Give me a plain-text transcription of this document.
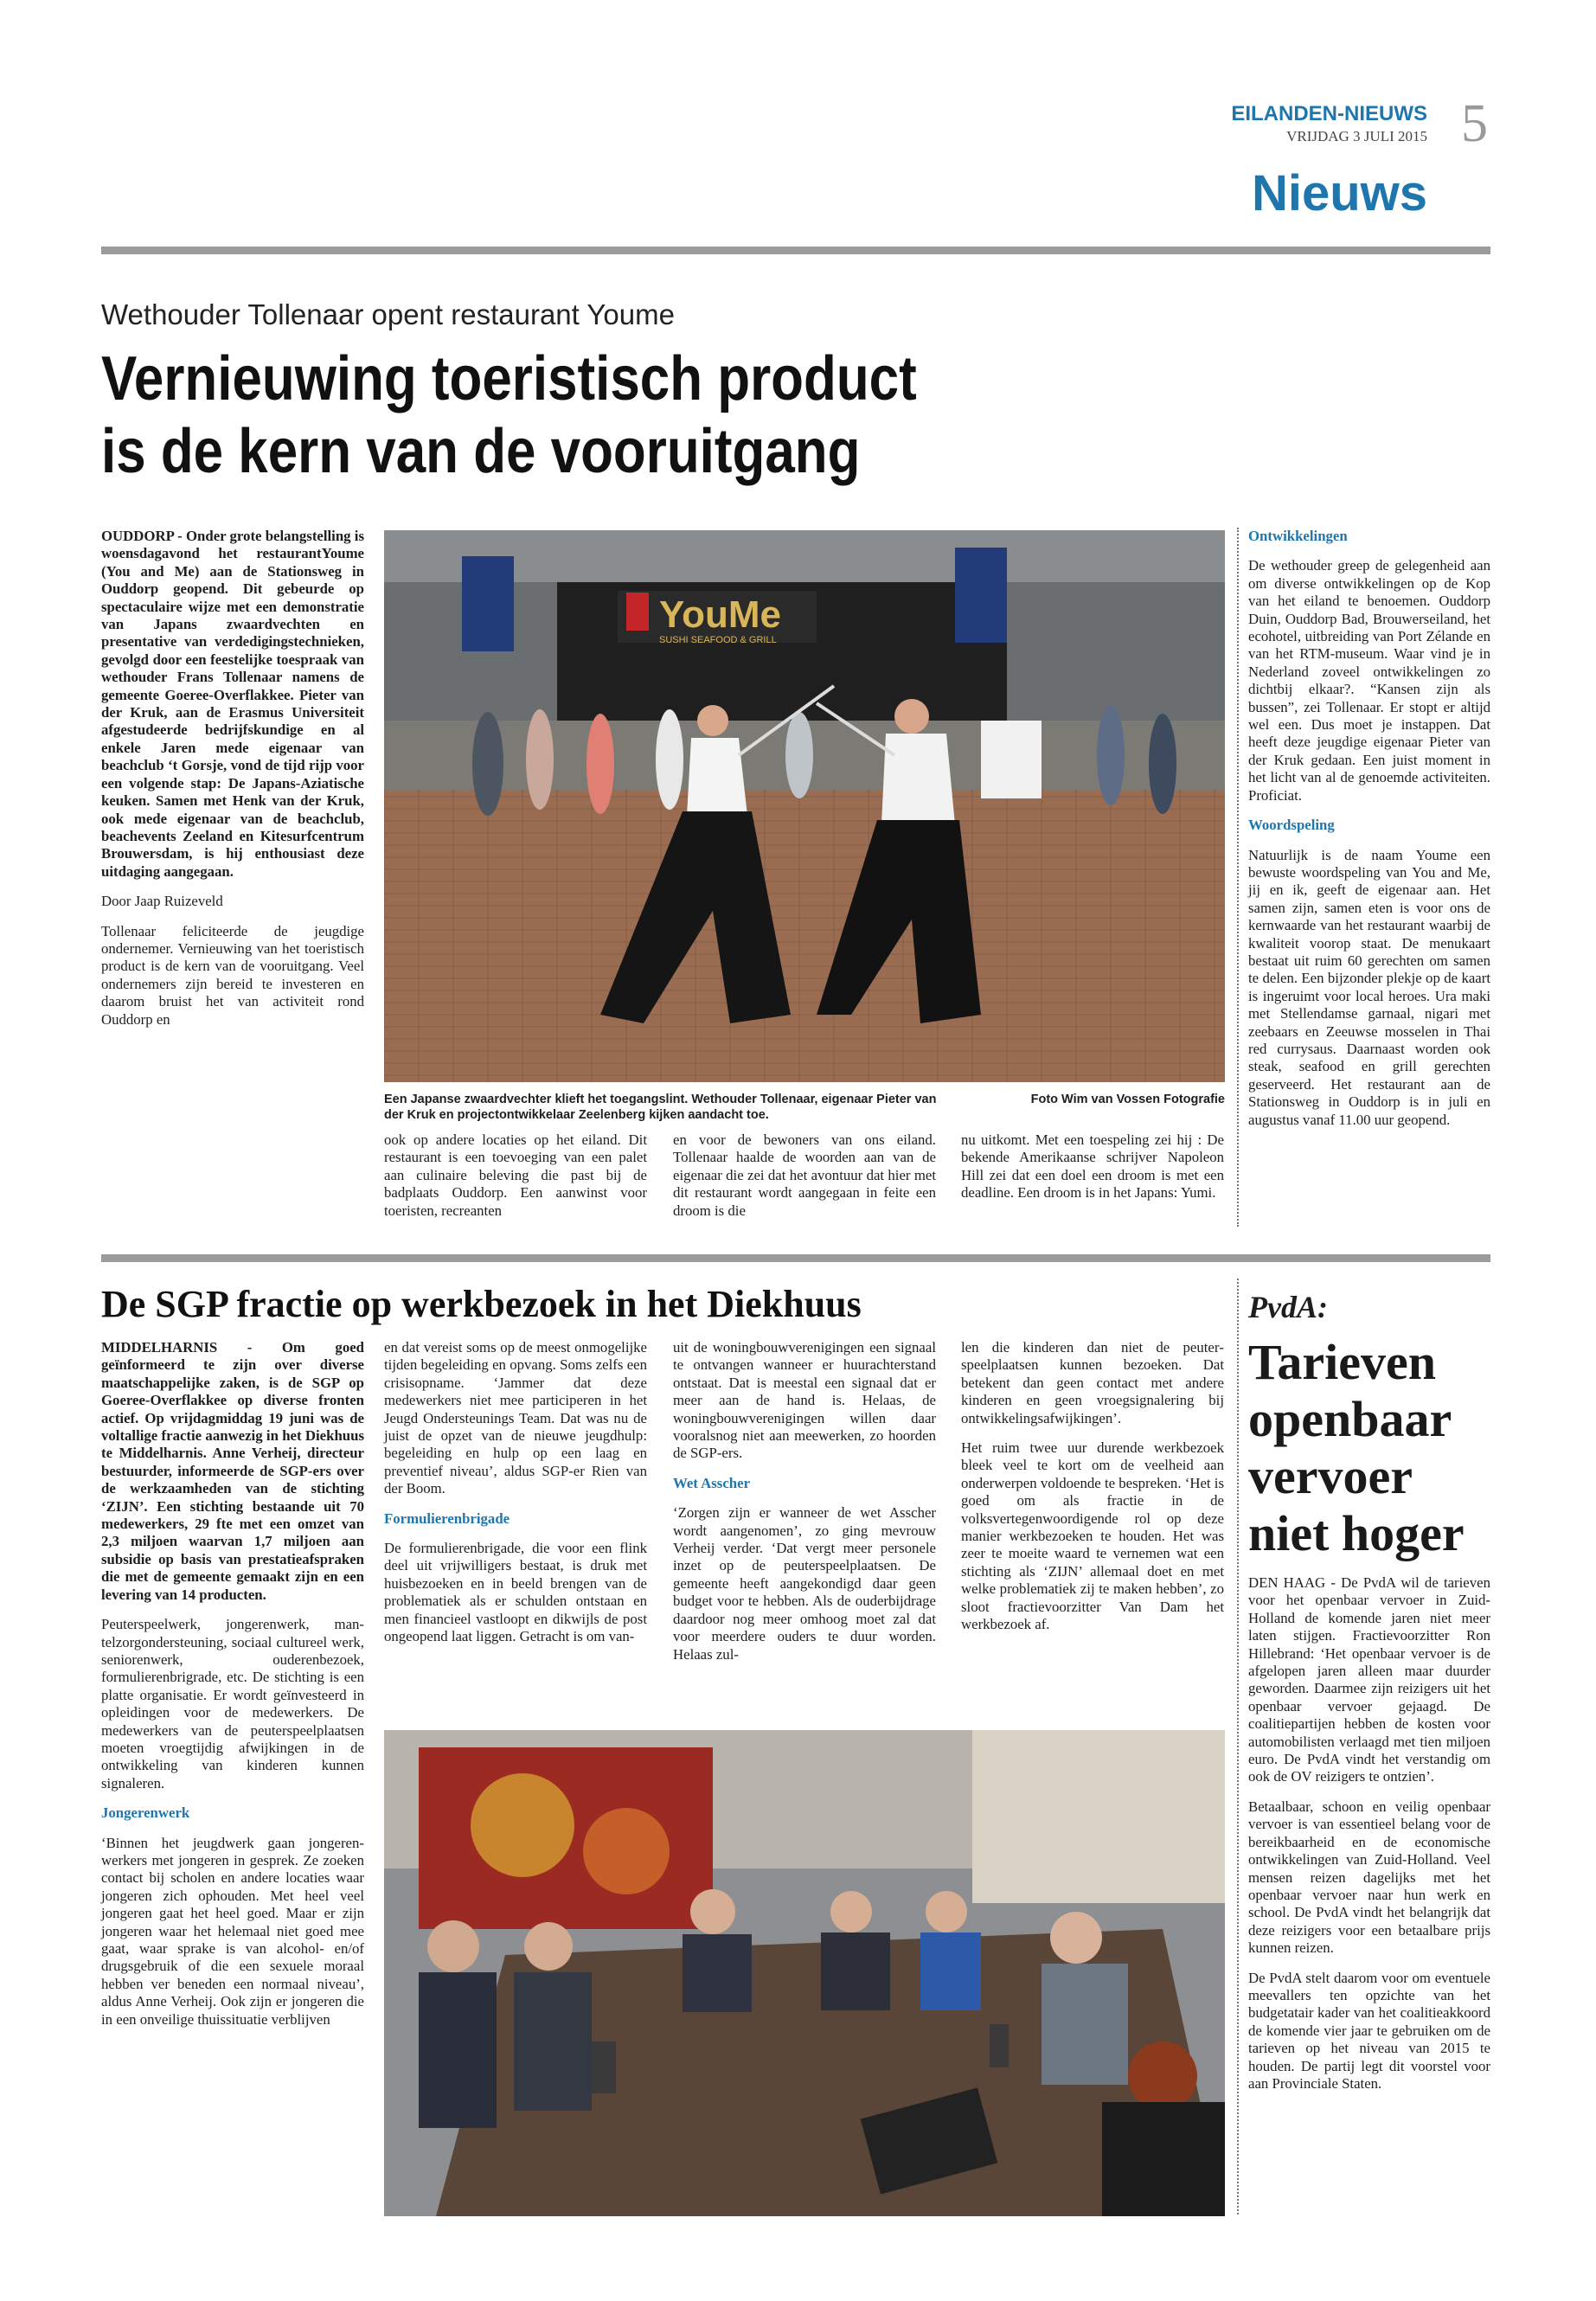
EILANDEN-NIEUWS
VRIJDAG 3 JULI 2015 5
Nieuws
Wethouder Tollenaar opent restaurant Youme
Vernieuwing toeristisch product
is de kern van de vooruitgang

OUDDORP - Onder grote belangstelling is woensdagavond het restaurantYoume (You and Me) aan de Stationsweg in Ouddorp geopend. Dit gebeurde op spectaculaire wijze met een demonstratie van Japans zwaardvechten en presentative van verdedigingstechnieken, gevolgd door een feestelijke toespraak van wethouder Frans Tollenaar namens de gemeente Goeree-Overflakkee. Pieter van der Kruk, aan de Erasmus Universiteit afgestudeerde bedrijfskundige en al enkele Jaren mede eigenaar van beachclub ‘t Gorsje, vond de tijd rijp voor een volgende stap: De Japans-Aziatische keuken. Samen met Henk van der Kruk, ook mede eigenaar van de beachclub, beachevents Zeeland en Kitesurfcentrum Brouwersdam, is hij enthousiast deze uitdaging aangegaan.

Door Jaap Ruizeveld

Tollenaar feliciteerde de jeugdige ondernemer. Vernieuwing van het toeristisch product is de kern van de vooruitgang. Veel ondernemers zijn bereid te investeren en daarom bruist het van activiteit rond Ouddorp en

YouMe
SUSHI SEAFOOD & GRILL
Een Japanse zwaardvechter klieft het toegangslint. Wethouder Tollenaar, eigenaar Pieter van der Kruk en projectontwikkelaar Zeelenberg kijken aandacht toe.
Foto Wim van Vossen Fotografie

ook op andere locaties op het eiland. Dit restaurant is een toevoeging van een palet aan culinaire beleving die past bij de badplaats Ouddorp. Een aanwinst voor toeristen, recreanten

en voor de bewoners van ons eiland. Tollenaar haalde de woorden aan van de eigenaar die zei dat het avontuur dat hier met dit restaurant wordt aangegaan in feite een droom is die

nu uitkomt. Met een toespeling zei hij : De bekende Amerikaanse schrijver Napoleon Hill zei dat een doel een droom is met een deadline. Een droom is in het Japans: Yumi.

Ontwikkelingen

De wethouder greep de gelegenheid aan om diverse ontwikkelingen op de Kop van het eiland te benoemen. Ouddorp Duin, Ouddorp Bad, Brouwerseiland, het ecohotel, uitbreiding van Port Zélande en van het RTM-museum. Waar vind je in Nederland zoveel ontwikkelingen zo dichtbij elkaar?. “Kansen zijn als bussen”, zei Tollenaar. Er stopt er altijd wel een. Dus moet je instappen. Dat heeft deze jeugdige eigenaar Pieter van der Kruk gedaan. Een juist moment in het licht van al de genoemde activiteiten. Proficiat.

Woordspeling

Natuurlijk is de naam Youme een bewuste woordspeling van You and Me, jij en ik, geeft de eigenaar aan. Het samen zijn, samen eten is voor ons de kernwaarde van het restaurant waarbij de kwaliteit voorop staat. De menukaart bestaat uit ruim 60 gerechten om samen te delen. Een bijzonder plekje op de kaart is ingeruimt voor local heroes. Ura maki met Stellendamse garnaal, nigari met zeebaars en Zeeuwse mosselen in Thai red currysaus. Daarnaast worden ook steak, seafood en grill gerechten geserveerd. Het restaurant aan de Stationsweg in Ouddorp is in juli en augustus vanaf 11.00 uur geopend.

De SGP fractie op werkbezoek in het Diekhuus

MIDDELHARNIS - Om goed geïnformeerd te zijn over diverse maatschappelijke zaken, is de SGP op Goeree-Overflakkee op diverse fronten actief. Op vrijdagmiddag 19 juni was de voltallige fractie aanwezig in het Diekhuus te Middelharnis. Anne Verheij, directeur bestuurder, informeerde de SGP-ers over de werkzaamheden van de stichting ‘ZIJN’. Een stichting bestaande uit 70 medewerkers, 29 fte met een omzet van 2,3 miljoen waarvan 1,7 miljoen aan subsidie op basis van prestatieafspraken die met de gemeente gemaakt zijn en een levering van 14 producten.

Peuterspeelwerk, jongerenwerk, mantelzorgondersteuning, sociaal cultureel werk, seniorenwerk, ouderenbezoek, formulierenbrigrade, etc. De stichting is een platte organisatie. Er wordt geïnvesteerd in opleidingen voor de medewerkers. De medewerkers van de peuterspeelplaatsen moeten vroegtijdig afwijkingen in de ontwikkeling van kinderen kunnen signaleren.

Jongerenwerk

‘Binnen het jeugdwerk gaan jongerenwerkers met jongeren in gesprek. Ze zoeken contact bij scholen en andere locaties waar jongeren zich ophouden. Met heel veel jongeren gaat het heel goed. Maar er zijn jongeren waar het helemaal niet goed mee gaat, waar sprake is van alcohol- en/of drugsgebruik of die een sexuele moraal hebben ver beneden een normaal niveau’, aldus Anne Verheij. Ook zijn er jongeren die in een onveilige thuissituatie verblijven

en dat vereist soms op de meest onmogelijke tijden begeleiding en opvang. Soms zelfs een crisisopname. ‘Jammer dat deze medewerkers niet mee participeren in het Jeugd Ondersteunings Team. Dat was nu de juist de opzet van de nieuwe jeugdhulp: begeleiding en hulp op een laag en preventief niveau’, aldus SGP-er Rien van der Boom.

Formulierenbrigade

De formulierenbrigade, die voor een flink deel uit vrijwilligers bestaat, is druk met huisbezoeken en in beeld brengen van de problematiek als er schulden ontstaan en men financieel vastloopt en dikwijls de post ongeopend laat liggen. Getracht is om van-

uit de woningbouwverenigingen een signaal te ontvangen wanneer er huurachterstand ontstaat. Dat is meestal een signaal dat er meer aan de hand is. Helaas, de woningbouwverenigingen willen daar vooralsnog niet aan meewerken, zo hoorden de SGP-ers.

Wet Asscher

‘Zorgen zijn er wanneer de wet Asscher wordt aangenomen’, zo ging mevrouw Verheij verder. ‘Dat vergt meer personele inzet op de peuterspeelplaatsen. De gemeente heeft aangekondigd daar geen budget voor te hebben. Als de ouderbijdrage daardoor nog meer omhoog moet zal dat voor meerdere ouders te duur worden. Helaas zul-

len die kinderen dan niet de peuterspeelplaatsen kunnen bezoeken. Dat betekent dan geen contact met andere kinderen en geen vroegsignalering bij ontwikkelingsafwijkingen’.

Het ruim twee uur durende werkbezoek bleek veel te kort om de veelheid aan onderwerpen voldoende te bespreken. ‘Het is goed om als fractie in de volksvertegenwoordigende rol op deze manier werkbezoeken te houden. Het was zeer te moeite waard te vernemen wat een stichting als ‘ZIJN’ allemaal doet en met welke problematiek zij te maken hebben’, zo sloot fractievoorzitter Van Dam het werkbezoek af.

PvdA:
Tarieven
openbaar
vervoer
niet hoger

DEN HAAG - De PvdA wil de tarieven voor het openbaar vervoer in Zuid-Holland de komende jaren niet meer laten stijgen. Fractievoorzitter Ron Hillebrand: ‘Het openbaar vervoer is de afgelopen jaren alleen maar duurder geworden. Daarmee zijn reizigers uit het openbaar vervoer gejaagd. De coalitiepartijen hebben de kosten voor automobilisten verlaagd met tien miljoen euro. De PvdA vindt het verstandig om ook de OV reizigers te ontzien’.

Betaalbaar, schoon en veilig openbaar vervoer is van essentieel belang voor de bereikbaarheid en de economische ontwikkelingen van Zuid-Holland. Veel mensen reizen dagelijks met het openbaar vervoer naar hun werk en school. De PvdA vindt het belangrijk dat deze reizigers voor een betaalbare prijs kunnen reizen.

De PvdA stelt daarom voor om eventuele meevallers ten opzichte van het budgetatair kader van het coalitieakkoord de komende vier jaar te gebruiken om de tarieven op het niveau van 2015 te houden. De partij legt dit voorstel voor aan Provinciale Staten.
